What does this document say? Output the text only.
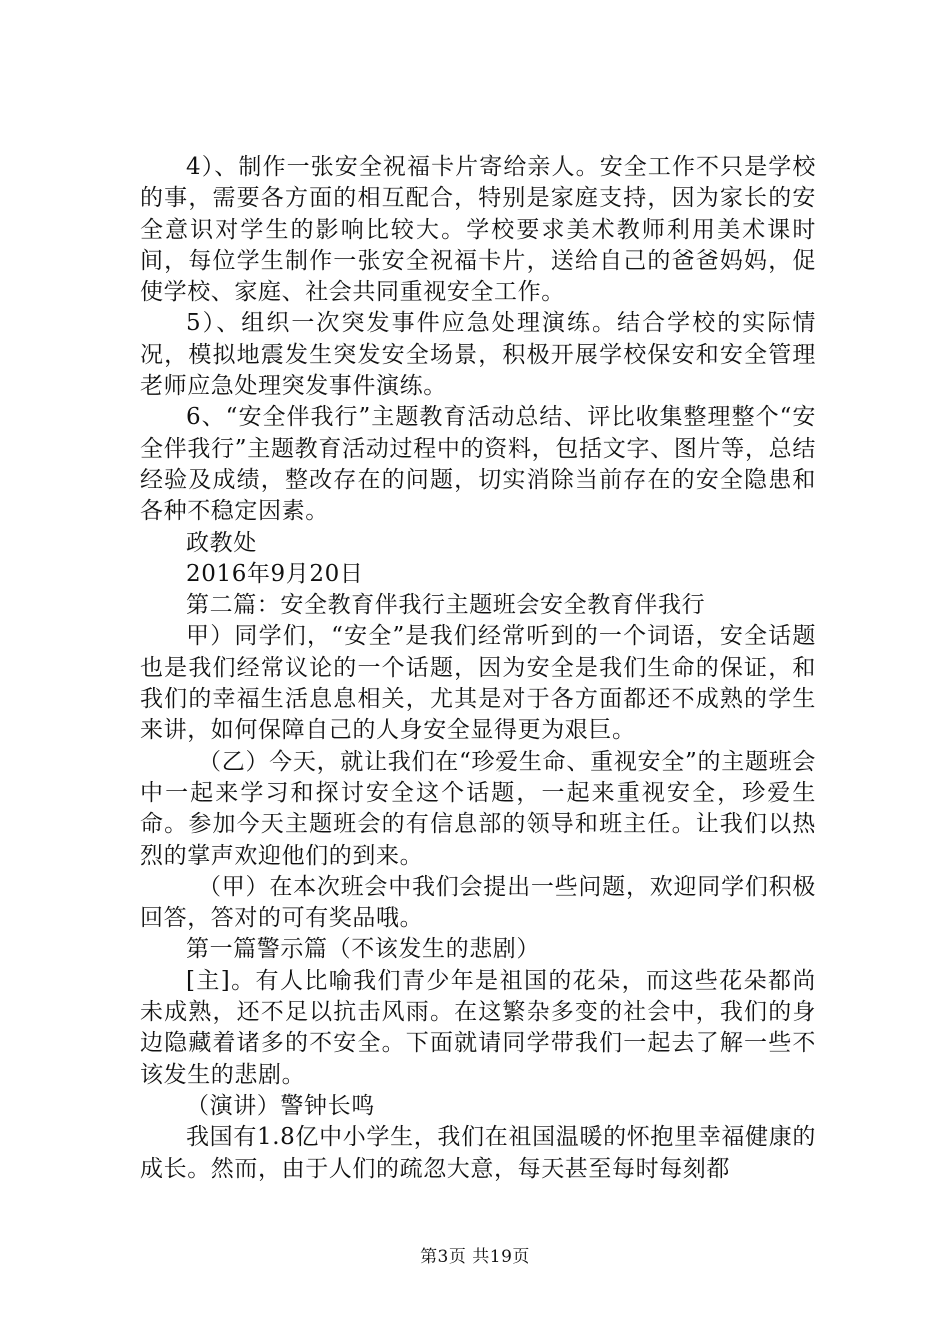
4）、制作一张安全祝福卡片寄给亲人。安全工作不只是学校的事，需要各方面的相互配合，特别是家庭支持，因为家长的安全意识对学生的影响比较大。学校要求美术教师利用美术课时间，每位学生制作一张安全祝福卡片，送给自己的爸爸妈妈，促使学校、家庭、社会共同重视安全工作。

5）、组织一次突发事件应急处理演练。结合学校的实际情况，模拟地震发生突发安全场景，积极开展学校保安和安全管理老师应急处理突发事件演练。

6、“安全伴我行”主题教育活动总结、评比收集整理整个“安全伴我行”主题教育活动过程中的资料，包括文字、图片等，总结经验及成绩，整改存在的问题，切实消除当前存在的安全隐患和各种不稳定因素。

政教处

2016年9月20日

第二篇：安全教育伴我行主题班会安全教育伴我行

甲）同学们，“安全”是我们经常听到的一个词语，安全话题也是我们经常议论的一个话题，因为安全是我们生命的保证，和我们的幸福生活息息相关，尤其是对于各方面都还不成熟的学生来讲，如何保障自己的人身安全显得更为艰巨。

（乙）今天，就让我们在“珍爱生命、重视安全”的主题班会中一起来学习和探讨安全这个话题，一起来重视安全，珍爱生命。参加今天主题班会的有信息部的领导和班主任。让我们以热烈的掌声欢迎他们的到来。

（甲）在本次班会中我们会提出一些问题，欢迎同学们积极回答，答对的可有奖品哦。

第一篇警示篇（不该发生的悲剧）

[主]。有人比喻我们青少年是祖国的花朵，而这些花朵都尚未成熟，还不足以抗击风雨。在这繁杂多变的社会中，我们的身边隐藏着诸多的不安全。下面就请同学带我们一起去了解一些不该发生的悲剧。

（演讲）警钟长鸣

我国有1.8亿中小学生，我们在祖国温暖的怀抱里幸福健康的成长。然而，由于人们的疏忽大意，每天甚至每时每刻都

第3页 共19页
